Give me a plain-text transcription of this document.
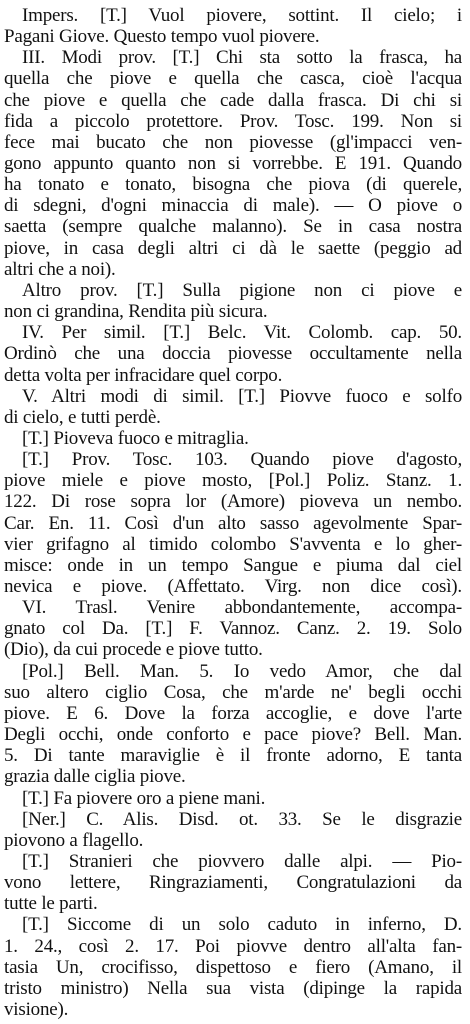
Impers. [T.] Vuol piovere, sottint. Il cielo; i
Pagani Giove. Questo tempo vuol piovere.
III. Modi prov. [T.] Chi sta sotto la frasca, ha
quella che piove e quella che casca, cioè l'acqua
che piove e quella che cade dalla frasca. Di chi si
fida a piccolo protettore. Prov. Tosc. 199. Non si
fece mai bucato che non piovesse (gl'impacci ven-
gono appunto quanto non si vorrebbe. E 191. Quando
ha tonato e tonato, bisogna che piova (di querele,
di sdegni, d'ogni minaccia di male). — O piove o
saetta (sempre qualche malanno). Se in casa nostra
piove, in casa degli altri ci dà le saette (peggio ad
altri che a noi).
Altro prov. [T.] Sulla pigione non ci piove e
non ci grandina, Rendita più sicura.
IV. Per simil. [T.] Belc. Vit. Colomb. cap. 50.
Ordinò che una doccia piovesse occultamente nella
detta volta per infracidare quel corpo.
V. Altri modi di simil. [T.] Piovve fuoco e solfo
di cielo, e tutti perdè.
[T.] Pioveva fuoco e mitraglia.
[T.] Prov. Tosc. 103. Quando piove d'agosto,
piove miele e piove mosto, [Pol.] Poliz. Stanz. 1.
122. Di rose sopra lor (Amore) pioveva un nembo.
Car. En. 11. Così d'un alto sasso agevolmente Spar-
vier grifagno al timido colombo S'avventa e lo gher-
misce: onde in un tempo Sangue e piuma dal ciel
nevica e piove. (Affettato. Virg. non dice così).
VI. Trasl. Venire abbondantemente, accompa-
gnato col Da. [T.] F. Vannoz. Canz. 2. 19. Solo
(Dio), da cui procede e piove tutto.
[Pol.] Bell. Man. 5. Io vedo Amor, che dal
suo altero ciglio Cosa, che m'arde ne' begli occhi
piove. E 6. Dove la forza accoglie, e dove l'arte
Degli occhi, onde conforto e pace piove? Bell. Man.
5. Di tante maraviglie è il fronte adorno, E tanta
grazia dalle ciglia piove.
[T.] Fa piovere oro a piene mani.
[Ner.] C. Alis. Disd. ot. 33. Se le disgrazie
piovono a flagello.
[T.] Stranieri che piovvero dalle alpi. — Pio-
vono lettere, Ringraziamenti, Congratulazioni da
tutte le parti.
[T.] Siccome di un solo caduto in inferno, D.
1. 24., così 2. 17. Poi piovve dentro all'alta fan-
tasia Un, crocifisso, dispettoso e fiero (Amano, il
tristo ministro) Nella sua vista (dipinge la rapida
visione).
